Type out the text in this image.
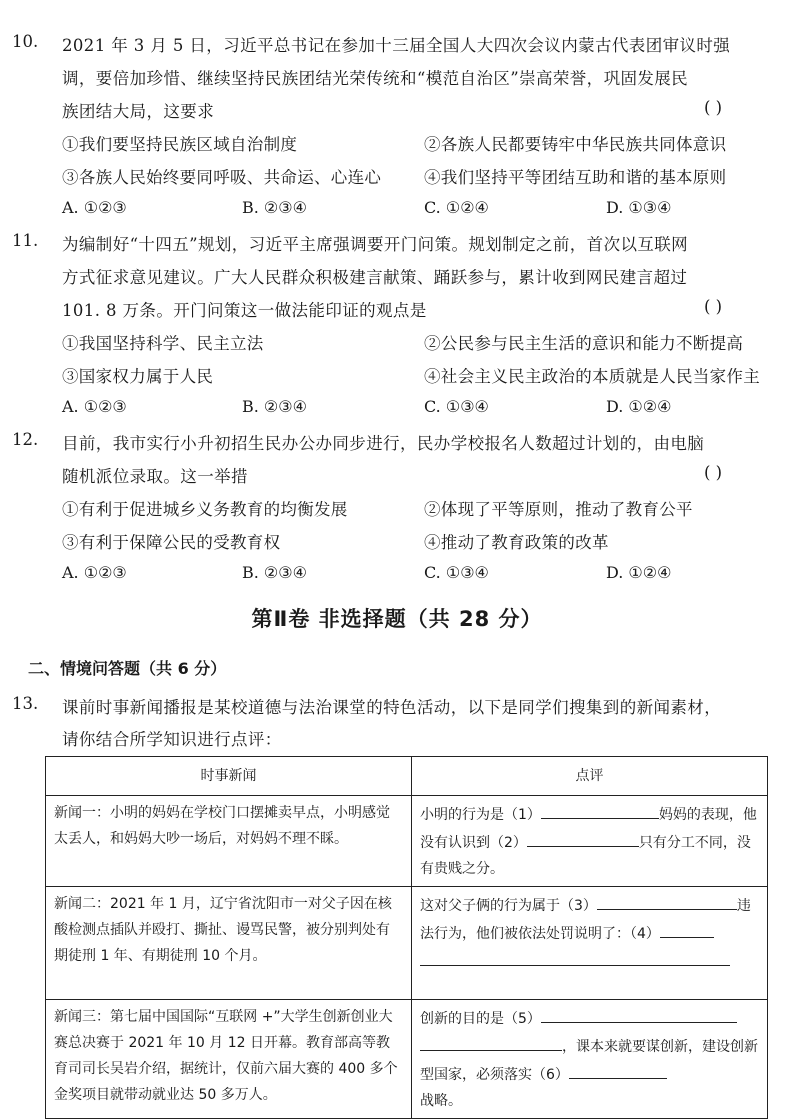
10. 2021 年 3 月 5 日，习近平总书记在参加十三届全国人大四次会议内蒙古代表团审议时强
调，要倍加珍惜、继续坚持民族团结光荣传统和“模范自治区”崇高荣誉，巩固发展民
族团结大局，这要求	( )
①我们要坚持民族区域自治制度	②各族人民都要铸牢中华民族共同体意识
③各族人民始终要同呼吸、共命运、心连心	④我们坚持平等团结互助和谐的基本原则
A. ①②③	B. ②③④	C. ①②④	D. ①③④
11. 为编制好“十四五”规划，习近平主席强调要开门问策。规划制定之前，首次以互联网
方式征求意见建议。广大人民群众积极建言献策、踊跃参与，累计收到网民建言超过
101. 8 万条。开门问策这一做法能印证的观点是	( )
①我国坚持科学、民主立法	②公民参与民主生活的意识和能力不断提高
③国家权力属于人民	④社会主义民主政治的本质就是人民当家作主
A. ①②③	B. ②③④	C. ①③④	D. ①②④
12. 目前，我市实行小升初招生民办公办同步进行，民办学校报名人数超过计划的，由电脑
随机派位录取。这一举措	( )
①有利于促进城乡义务教育的均衡发展	②体现了平等原则，推动了教育公平
③有利于保障公民的受教育权	④推动了教育政策的改革
A. ①②③	B. ②③④	C. ①③④	D. ①②④
第Ⅱ卷 非选择题（共 28 分）
二、情境问答题（共 6 分）
13. 课前时事新闻播报是某校道德与法治课堂的特色活动，以下是同学们搜集到的新闻素材，
请你结合所学知识进行点评：
时事新闻	点评
新闻一：小明的妈妈在学校门口摆摊卖早点，小明感觉太丢人，和妈妈大吵一场后，对妈妈不理不睬。	小明的行为是（1） 妈妈的表现，他没有认识到（2） 只有分工不同，没有贵贱之分。
新闻二：2021 年 1 月，辽宁省沈阳市一对父子因在核酸检测点插队并殴打、撕扯、谩骂民警，被分别判处有期徒刑 1 年、有期徒刑 10 个月。	这对父子俩的行为属于（3） 违法行为，他们被依法处罚说明了：（4）

新闻三：第七届中国国际“互联网 +”大学生创新创业大赛总决赛于 2021 年 10 月 12 日开幕。教育部高等教育司司长吴岩介绍，据统计，仅前六届大赛的 400 多个金奖项目就带动就业达 50 多万人。	创新的目的是（5）
，课本来就要谋创新，建设创新型国家，必须落实（6）
战略。
